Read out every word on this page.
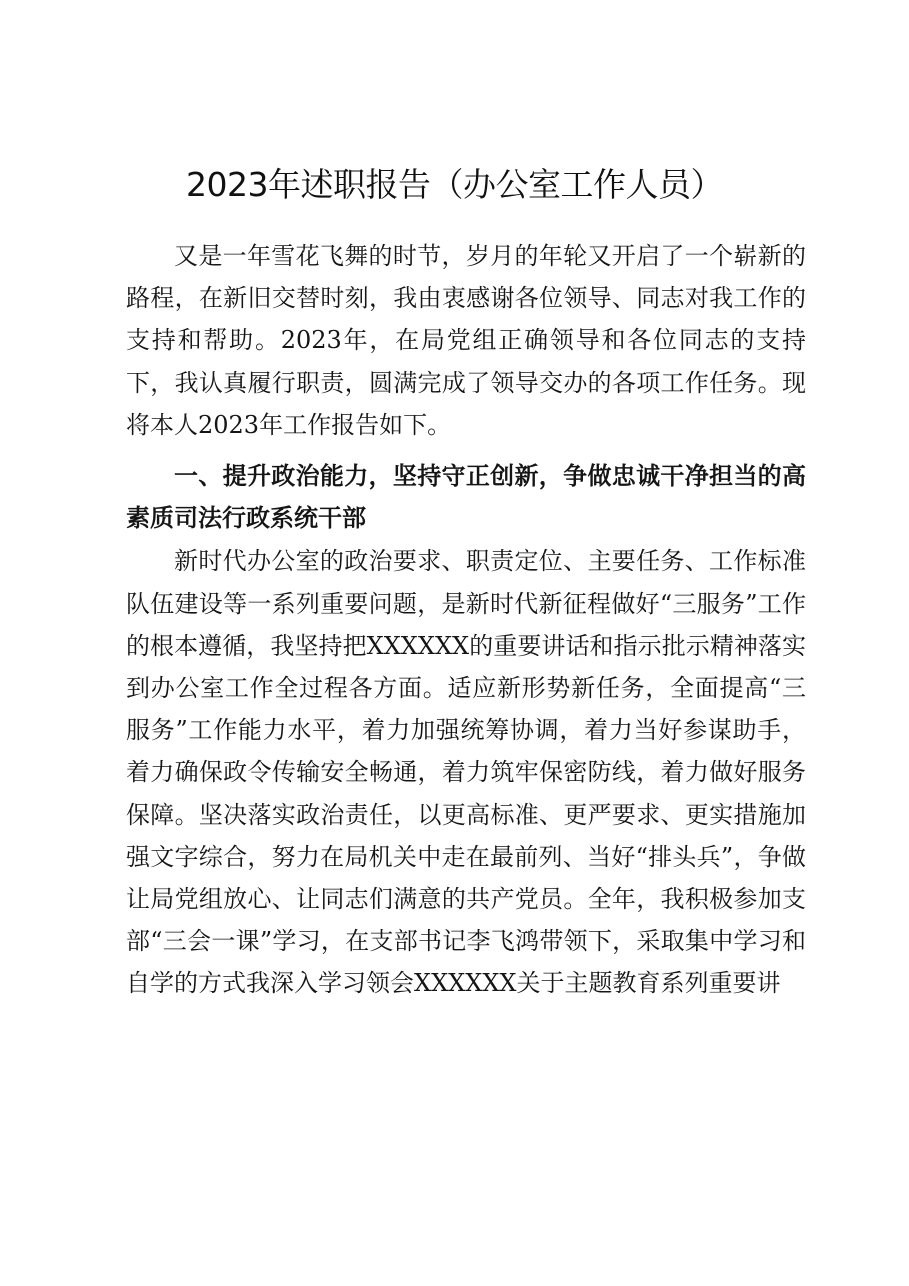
2023年述职报告（办公室工作人员）

又是一年雪花飞舞的时节，岁月的年轮又开启了一个崭新的路程，在新旧交替时刻，我由衷感谢各位领导、同志对我工作的支持和帮助。2023年，在局党组正确领导和各位同志的支持下，我认真履行职责，圆满完成了领导交办的各项工作任务。现将本人2023年工作报告如下。

一、提升政治能力，坚持守正创新，争做忠诚干净担当的高素质司法行政系统干部

新时代办公室的政治要求、职责定位、主要任务、工作标准队伍建设等一系列重要问题，是新时代新征程做好“三服务”工作的根本遵循，我坚持把XXXXXX的重要讲话和指示批示精神落实到办公室工作全过程各方面。适应新形势新任务，全面提高“三服务”工作能力水平，着力加强统筹协调，着力当好参谋助手，着力确保政令传输安全畅通，着力筑牢保密防线，着力做好服务保障。坚决落实政治责任，以更高标准、更严要求、更实措施加强文字综合，努力在局机关中走在最前列、当好“排头兵”，争做让局党组放心、让同志们满意的共产党员。全年，我积极参加支部“三会一课”学习，在支部书记李飞鸿带领下，采取集中学习和自学的方式我深入学习领会XXXXXX关于主题教育系列重要讲
